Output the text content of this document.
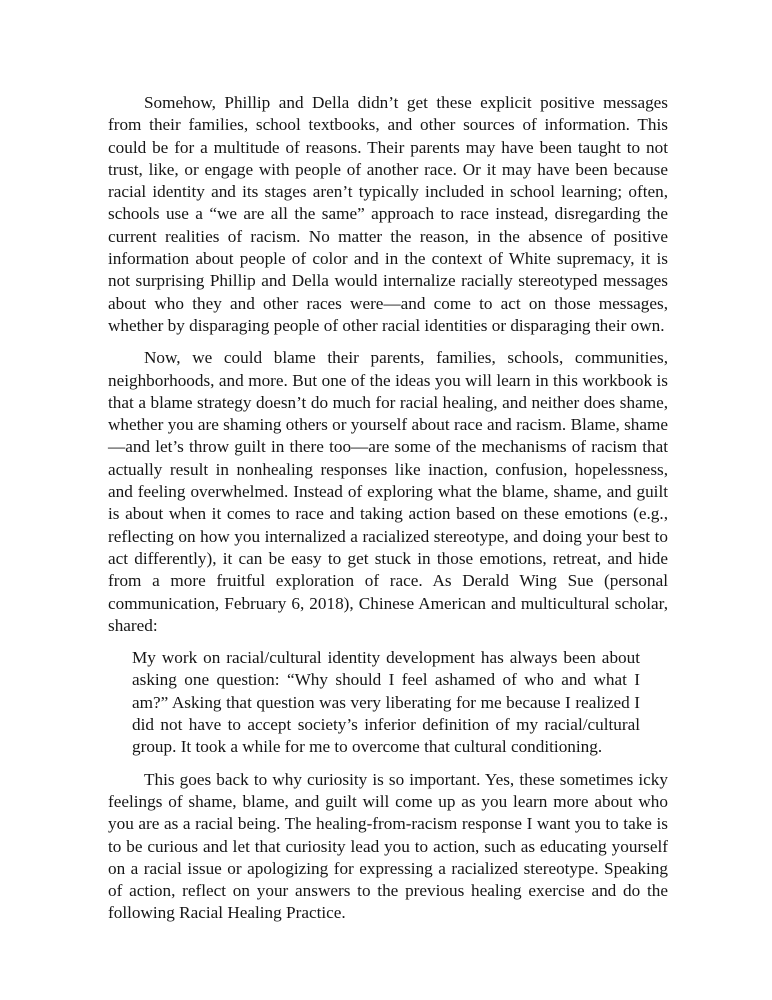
Somehow, Phillip and Della didn’t get these explicit positive messages from their families, school textbooks, and other sources of information. This could be for a multitude of reasons. Their parents may have been taught to not trust, like, or engage with people of another race. Or it may have been because racial identity and its stages aren’t typically included in school learning; often, schools use a “we are all the same” approach to race instead, disregarding the current realities of racism. No matter the reason, in the absence of positive information about people of color and in the context of White supremacy, it is not surprising Phillip and Della would internalize racially stereotyped messages about who they and other races were—and come to act on those messages, whether by disparaging people of other racial identities or disparaging their own.

Now, we could blame their parents, families, schools, communities, neighborhoods, and more. But one of the ideas you will learn in this workbook is that a blame strategy doesn’t do much for racial healing, and neither does shame, whether you are shaming others or yourself about race and racism. Blame, shame—and let’s throw guilt in there too—are some of the mechanisms of racism that actually result in nonhealing responses like inaction, confusion, hopelessness, and feeling overwhelmed. Instead of exploring what the blame, shame, and guilt is about when it comes to race and taking action based on these emotions (e.g., reflecting on how you internalized a racialized stereotype, and doing your best to act differently), it can be easy to get stuck in those emotions, retreat, and hide from a more fruitful exploration of race. As Derald Wing Sue (personal communication, February 6, 2018), Chinese American and multicultural scholar, shared:

My work on racial/cultural identity development has always been about asking one question: “Why should I feel ashamed of who and what I am?” Asking that question was very liberating for me because I realized I did not have to accept society’s inferior definition of my racial/cultural group. It took a while for me to overcome that cultural conditioning.

This goes back to why curiosity is so important. Yes, these sometimes icky feelings of shame, blame, and guilt will come up as you learn more about who you are as a racial being. The healing-from-racism response I want you to take is to be curious and let that curiosity lead you to action, such as educating yourself on a racial issue or apologizing for expressing a racialized stereotype. Speaking of action, reflect on your answers to the previous healing exercise and do the following Racial Healing Practice.
